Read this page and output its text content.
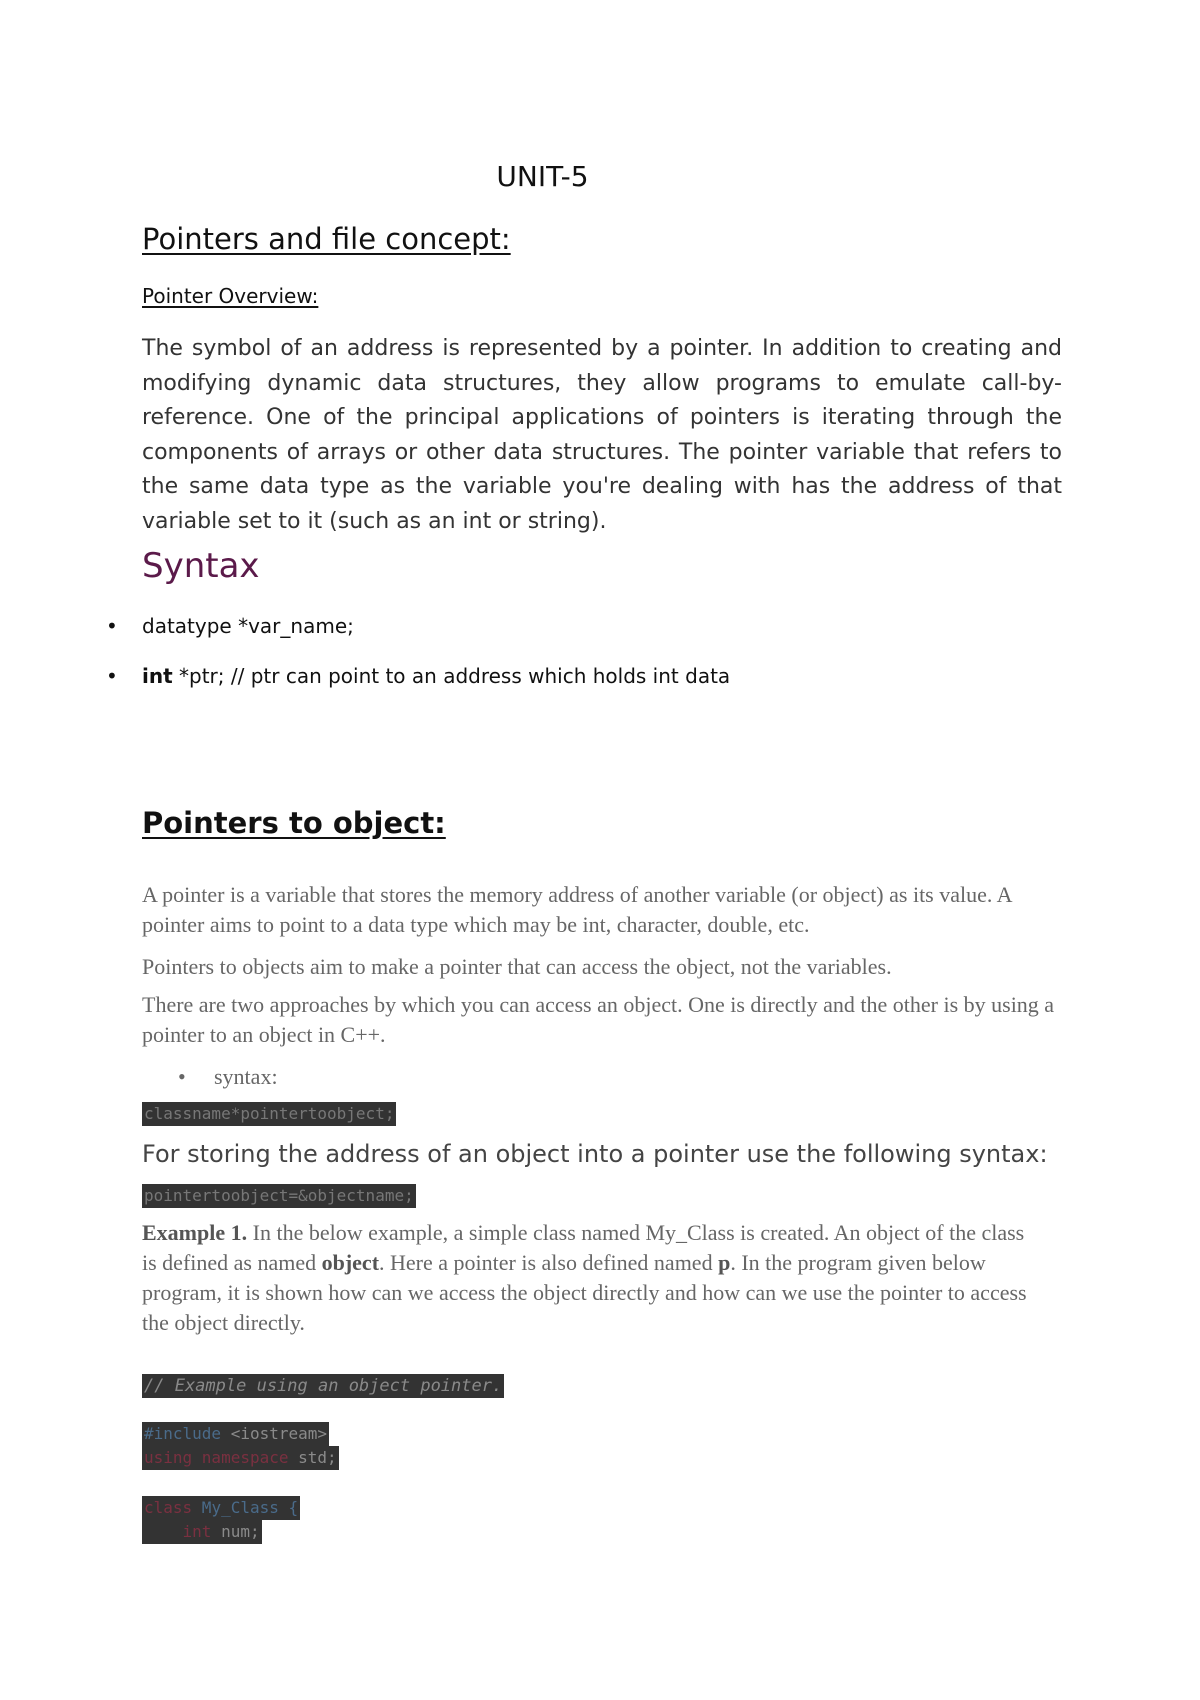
UNIT-5
Pointers and file concept:
Pointer Overview:

The symbol of an address is represented by a pointer. In addition to creating and modifying dynamic data structures, they allow programs to emulate call-by-reference. One of the principal applications of pointers is iterating through the components of arrays or other data structures. The pointer variable that refers to the same data type as the variable you're dealing with has the address of that variable set to it (such as an int or string).

Syntax
• datatype *var_name;
• int *ptr; // ptr can point to an address which holds int data
Pointers to object:

A pointer is a variable that stores the memory address of another variable (or object) as its value. A pointer aims to point to a data type which may be int, character, double, etc.

Pointers to objects aim to make a pointer that can access the object, not the variables.

There are two approaches by which you can access an object. One is directly and the other is by using a pointer to an object in C++.

• syntax:
classname*pointertoobject;
For storing the address of an object into a pointer use the following syntax:
pointertoobject=&objectname;

Example 1. In the below example, a simple class named My_Class is created. An object of the class is defined as named object. Here a pointer is also defined named p. In the program given below program, it is shown how can we access the object directly and how can we use the pointer to access the object directly.

// Example using an object pointer.
#include <iostream>
using namespace std;
class My_Class {
int num;
